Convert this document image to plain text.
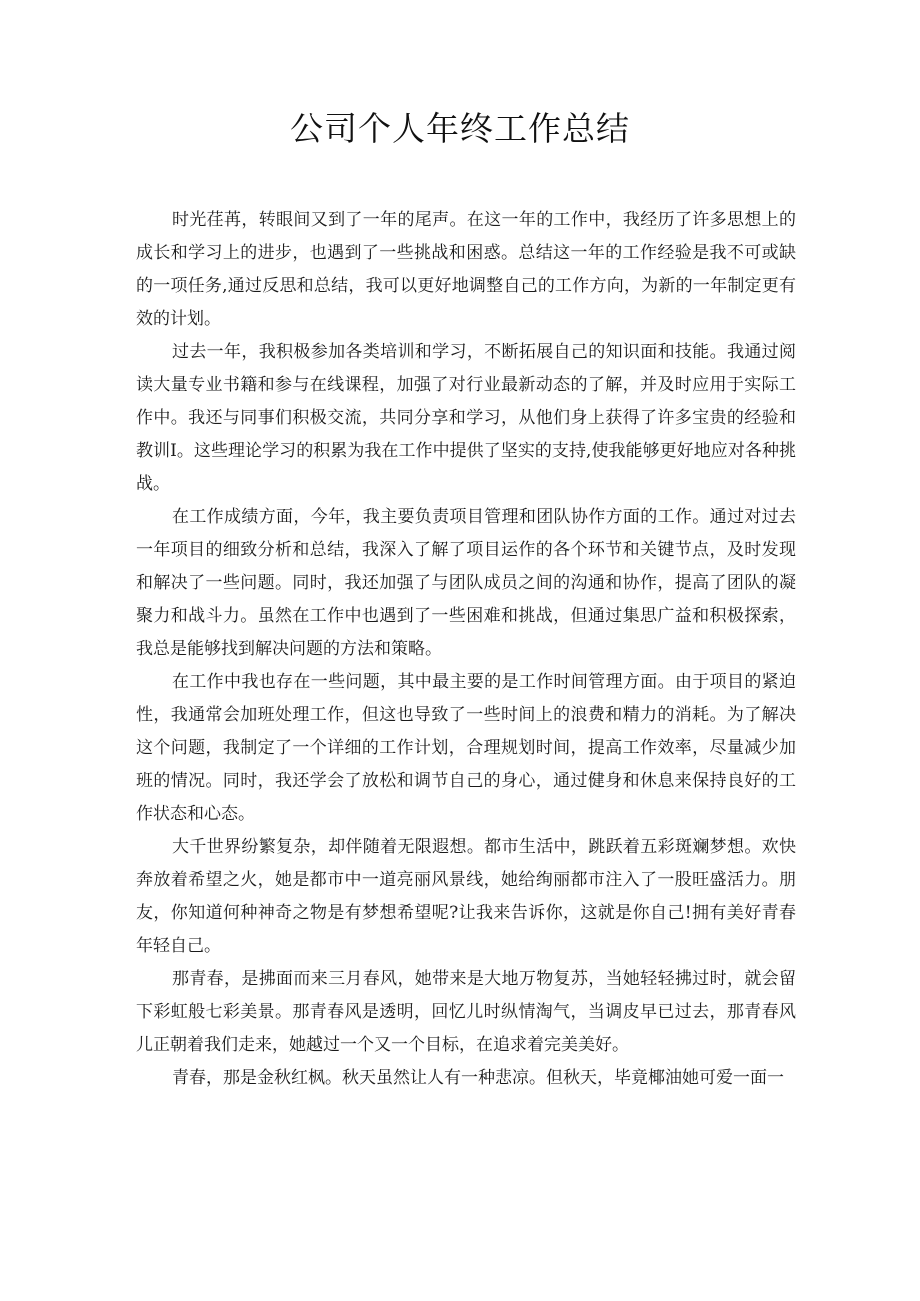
公司个人年终工作总结

时光荏苒，转眼间又到了一年的尾声。在这一年的工作中，我经历了许多思想上的成长和学习上的进步，也遇到了一些挑战和困惑。总结这一年的工作经验是我不可或缺的一项任务,通过反思和总结，我可以更好地调整自己的工作方向，为新的一年制定更有效的计划。

过去一年，我积极参加各类培训和学习，不断拓展自己的知识面和技能。我通过阅读大量专业书籍和参与在线课程，加强了对行业最新动态的了解，并及时应用于实际工作中。我还与同事们积极交流，共同分享和学习，从他们身上获得了许多宝贵的经验和教训Ⅰ。这些理论学习的积累为我在工作中提供了坚实的支持,使我能够更好地应对各种挑战。

在工作成绩方面，今年，我主要负责项目管理和团队协作方面的工作。通过对过去一年项目的细致分析和总结，我深入了解了项目运作的各个环节和关键节点，及时发现和解决了一些问题。同时，我还加强了与团队成员之间的沟通和协作，提高了团队的凝聚力和战斗力。虽然在工作中也遇到了一些困难和挑战，但通过集思广益和积极探索，我总是能够找到解决问题的方法和策略。

在工作中我也存在一些问题，其中最主要的是工作时间管理方面。由于项目的紧迫性，我通常会加班处理工作，但这也导致了一些时间上的浪费和精力的消耗。为了解决这个问题，我制定了一个详细的工作计划，合理规划时间，提高工作效率，尽量减少加班的情况。同时，我还学会了放松和调节自己的身心，通过健身和休息来保持良好的工作状态和心态。

大千世界纷繁复杂，却伴随着无限遐想。都市生活中，跳跃着五彩斑斓梦想。欢快奔放着希望之火，她是都市中一道亮丽风景线，她给绚丽都市注入了一股旺盛活力。朋友，你知道何种神奇之物是有梦想希望呢?让我来告诉你，这就是你自己!拥有美好青春年轻自己。

那青春，是拂面而来三月春风，她带来是大地万物复苏，当她轻轻拂过时，就会留下彩虹般七彩美景。那青春风是透明，回忆儿时纵情淘气，当调皮早已过去，那青春风儿正朝着我们走来，她越过一个又一个目标，在追求着完美美好。

青春，那是金秋红枫。秋天虽然让人有一种悲凉。但秋天，毕竟椰油她可爱一面一
